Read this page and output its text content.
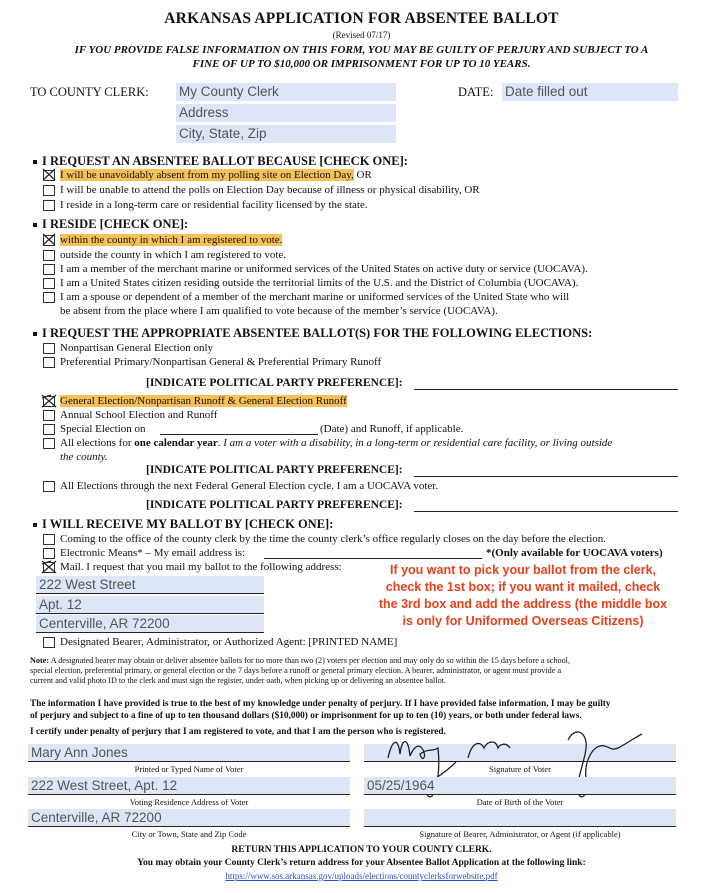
ARKANSAS APPLICATION FOR ABSENTEE BALLOT
(Revised 07/17)
IF YOU PROVIDE FALSE INFORMATION ON THIS FORM, YOU MAY BE GUILTY OF PERJURY AND SUBJECT TO A
FINE OF UP TO $10,000 OR IMPRISONMENT FOR UP TO 10 YEARS.
TO COUNTY CLERK: My County Clerk
Address
City, State, Zip
DATE: Date filled out
I REQUEST AN ABSENTEE BALLOT BECAUSE [CHECK ONE]:
I will be unavoidably absent from my polling site on Election Day, OR
I will be unable to attend the polls on Election Day because of illness or physical disability, OR
I reside in a long-term care or residential facility licensed by the state.
I RESIDE [CHECK ONE]:
within the county in which I am registered to vote.
outside the county in which I am registered to vote.
I am a member of the merchant marine or uniformed services of the United States on active duty or service (UOCAVA).
I am a United States citizen residing outside the territorial limits of the U.S. and the District of Columbia (UOCAVA).
I am a spouse or dependent of a member of the merchant marine or uniformed services of the United State who will
be absent from the place where I am qualified to vote because of the member’s service (UOCAVA).
I REQUEST THE APPROPRIATE ABSENTEE BALLOT(S) FOR THE FOLLOWING ELECTIONS:
Nonpartisan General Election only
Preferential Primary/Nonpartisan General & Preferential Primary Runoff
[INDICATE POLITICAL PARTY PREFERENCE]:
General Election/Nonpartisan Runoff & General Election Runoff
Annual School Election and Runoff
Special Election on	(Date) and Runoff, if applicable.
All elections for one calendar year. I am a voter with a disability, in a long-term or residential care facility, or living outside
the county.
[INDICATE POLITICAL PARTY PREFERENCE]:
All Elections through the next Federal General Election cycle. I am a UOCAVA voter.
[INDICATE POLITICAL PARTY PREFERENCE]:
I WILL RECEIVE MY BALLOT BY [CHECK ONE]:
Coming to the office of the county clerk by the time the county clerk’s office regularly closes on the day before the election.
Electronic Means* – My email address is:	*(Only available for UOCAVA voters)
Mail. I request that you mail my ballot to the following address:
222 West Street
Apt. 12
Centerville, AR 72200
Designated Bearer, Administrator, or Authorized Agent: [PRINTED NAME]
If you want to pick your ballot from the clerk,
check the 1st box; if you want it mailed, check
the 3rd box and add the address (the middle box
is only for Uniformed Overseas Citizens)
Note: A designated bearer may obtain or deliver absentee ballots for no more than two (2) voters per election and may only do so within the 15 days before a school,
special election, preferential primary, or general election or the 7 days before a runoff or general primary election. A bearer, administrator, or agent must provide a
current and valid photo ID to the clerk and must sign the register, under oath, when picking up or delivering an absentee ballot.
The information I have provided is true to the best of my knowledge under penalty of perjury. If I have provided false information, I may be guilty
of perjury and subject to a fine of up to ten thousand dollars ($10,000) or imprisonment for up to ten (10) years, or both under federal laws.
I certify under penalty of perjury that I am registered to vote, and that I am the person who is registered.
Mary Ann Jones
Printed or Typed Name of Voter	Signature of Voter
222 West Street, Apt. 12
Voting Residence Address of Voter
05/25/1964
Date of Birth of the Voter
Centerville, AR 72200
City or Town, State and Zip Code	Signature of Bearer, Administrator, or Agent (if applicable)
RETURN THIS APPLICATION TO YOUR COUNTY CLERK.
You may obtain your County Clerk’s return address for your Absentee Ballot Application at the following link:
https://www.sos.arkansas.gov/uploads/elections/countyclerksforwebsite.pdf
